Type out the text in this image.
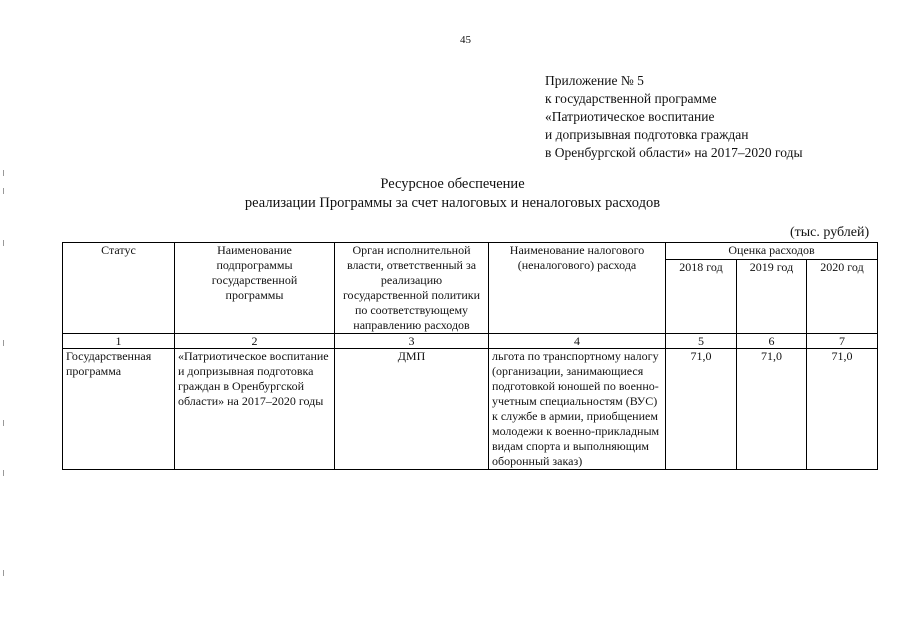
45
Приложение № 5
к государственной программе
«Патриотическое воспитание
и допризывная подготовка граждан
в Оренбургской области» на 2017–2020 годы
Ресурсное обеспечение
реализации Программы за счет налоговых и неналоговых расходов
(тыс. рублей)
Статус	Наименование подпрограммы государственной программы	Орган исполнительной власти, ответственный за реализацию государственной политики по соответствующему направлению расходов	Наименование налогового (неналогового) расхода	Оценка расходов		
				2018 год	2019 год	2020 год
1	2	3	4	5	6	7
Государственная программа	«Патриотическое воспитание и допризывная подготовка граждан в Оренбургской области» на 2017–2020 годы	ДМП	льгота по транспортному налогу (организации, занимающиеся подготовкой юношей по военно-учетным специальностям (ВУС) к службе в армии, приобщением молодежи к военно-прикладным видам спорта и выполняющим оборонный заказ)	71,0	71,0	71,0
